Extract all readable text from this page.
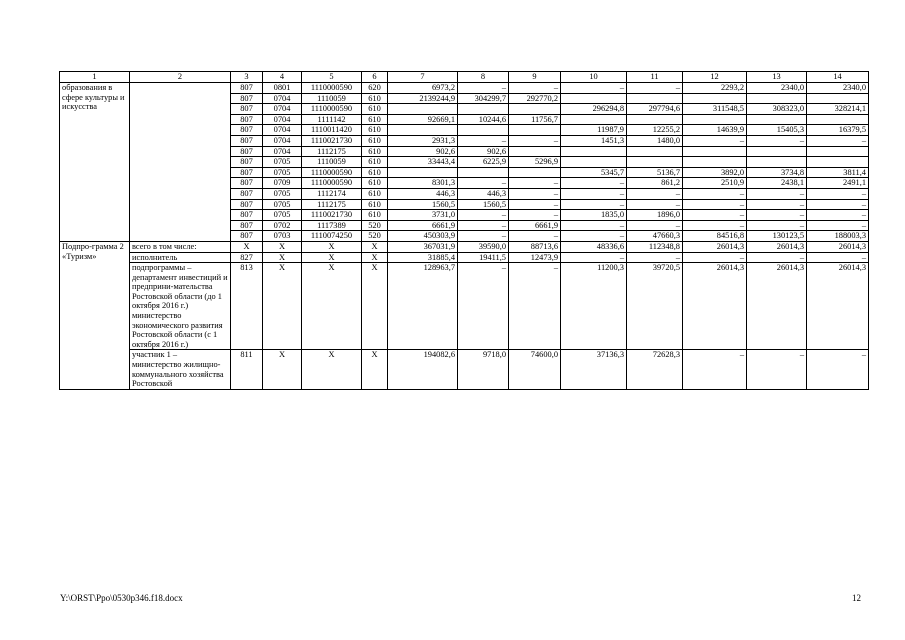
1	2	3	4	5	6	7	8	9	10	11	12	13	14
образования в сфере культуры и искусства		807	0801	1110000590	620	6973,2	–	–	–	–	2293,2	2340,0	2340,0
		807	0704	1110059	610	2139244,9	304299,7	292770,2					
		807	0704	1110000590	610				296294,8	297794,6	311548,5	308323,0	328214,1
		807	0704	1111142	610	92669,1	10244,6	11756,7					
		807	0704	1110011420	610				11987,9	12255,2	14639,9	15405,3	16379,5
		807	0704	1110021730	610	2931,3	–	–	1451,3	1480,0	–	–	–
		807	0704	1112175	610	902,6	902,6						
		807	0705	1110059	610	33443,4	6225,9	5296,9					
		807	0705	1110000590	610				5345,7	5136,7	3892,0	3734,8	3811,4
		807	0709	1110000590	610	8301,3	–	–	–	861,2	2510,9	2438,1	2491,1
		807	0705	1112174	610	446,3	446,3	–	–	–	–	–	–
		807	0705	1112175	610	1560,5	1560,5	–	–	–	–	–	–
		807	0705	1110021730	610	3731,0	–	–	1835,0	1896,0	–	–	–
		807	0702	1117389	520	6661,9	–	6661,9	–	–	–	–	–
		807	0703	1110074250	520	450303,9	–	–	–	47660,3	84516,8	130123,5	188003,3
Подпро-грамма 2 «Туризм»	всего в том числе:	X	X	X	X	367031,9	39590,0	88713,6	48336,6	112348,8	26014,3	26014,3	26014,3
	исполнитель	827	X	X	X	31885,4	19411,5	12473,9	–	–	–	–	–
	подпрограммы – департамент инвестиций и предприни-мательства Ростовской области (до 1 октября 2016 г.) министерство экономического развития Ростовской области (с 1 октября 2016 г.)	813	X	X	X	128963,7	–	–	11200,3	39720,5	26014,3	26014,3	26014,3
	участник 1 – министерство жилищно-коммунального хозяйства Ростовской	811	X	X	X	194082,6	9718,0	74600,0	37136,3	72628,3	–	–	–
Y:\ORST\Ppo\0530p346.f18.docx	12
